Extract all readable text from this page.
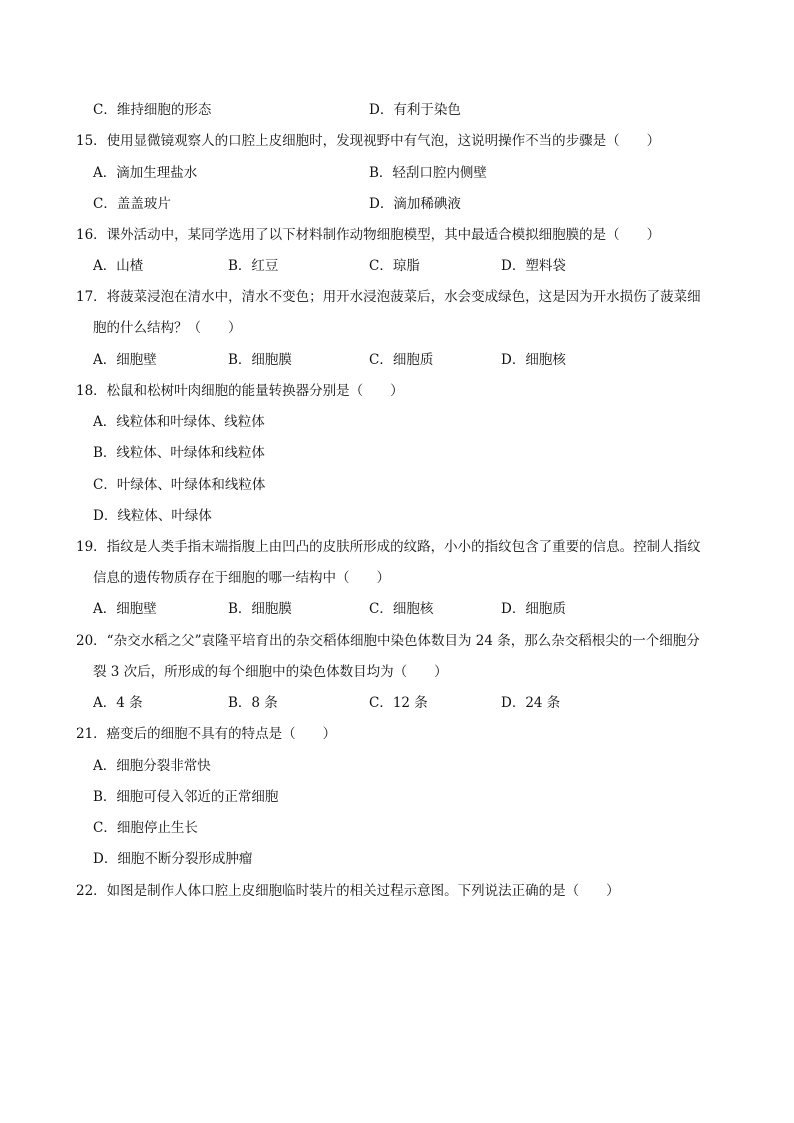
C．维持细胞的形态	D．有利于染色
15．使用显微镜观察人的口腔上皮细胞时，发现视野中有气泡，这说明操作不当的步骤是（　　）
A．滴加生理盐水	B．轻刮口腔内侧壁
C．盖盖玻片	D．滴加稀碘液
16．课外活动中，某同学选用了以下材料制作动物细胞模型，其中最适合模拟细胞膜的是（　　）
A．山楂	B．红豆	C．琼脂	D．塑料袋
17．将菠菜浸泡在清水中，清水不变色；用开水浸泡菠菜后，水会变成绿色，这是因为开水损伤了菠菜细
胞的什么结构？（　　）
A．细胞壁	B．细胞膜	C．细胞质	D．细胞核
18．松鼠和松树叶肉细胞的能量转换器分别是（　　）
A．线粒体和叶绿体、线粒体
B．线粒体、叶绿体和线粒体
C．叶绿体、叶绿体和线粒体
D．线粒体、叶绿体
19．指纹是人类手指末端指腹上由凹凸的皮肤所形成的纹路，小小的指纹包含了重要的信息。控制人指纹
信息的遗传物质存在于细胞的哪一结构中（　　）
A．细胞壁	B．细胞膜	C．细胞核	D．细胞质
20．“杂交水稻之父”袁隆平培育出的杂交稻体细胞中染色体数目为 24 条，那么杂交稻根尖的一个细胞分
裂 3 次后，所形成的每个细胞中的染色体数目均为（　　）
A．4 条	B．8 条	C．12 条	D．24 条
21．癌变后的细胞不具有的特点是（　　）
A．细胞分裂非常快
B．细胞可侵入邻近的正常细胞
C．细胞停止生长
D．细胞不断分裂形成肿瘤
22．如图是制作人体口腔上皮细胞临时装片的相关过程示意图。下列说法正确的是（　　）
